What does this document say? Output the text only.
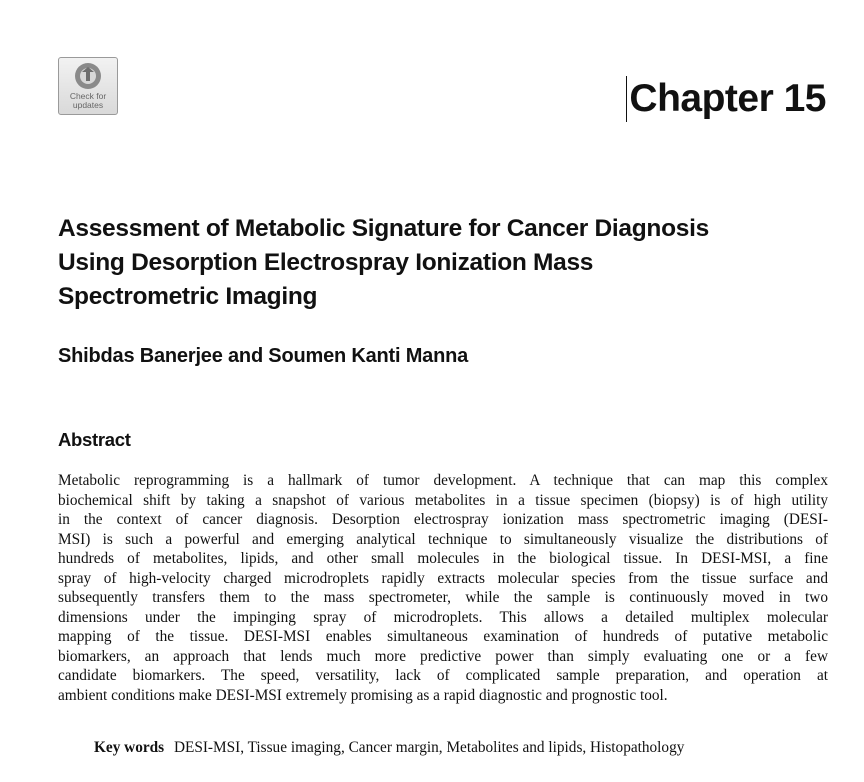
Check for
updates	Chapter 15
Assessment of Metabolic Signature for Cancer Diagnosis
Using Desorption Electrospray Ionization Mass
Spectrometric Imaging
Shibdas Banerjee and Soumen Kanti Manna
Abstract
Metabolic reprogramming is a hallmark of tumor development. A technique that can map this complex
biochemical shift by taking a snapshot of various metabolites in a tissue specimen (biopsy) is of high utility
in the context of cancer diagnosis. Desorption electrospray ionization mass spectrometric imaging (DESI-
MSI) is such a powerful and emerging analytical technique to simultaneously visualize the distributions of
hundreds of metabolites, lipids, and other small molecules in the biological tissue. In DESI-MSI, a fine
spray of high-velocity charged microdroplets rapidly extracts molecular species from the tissue surface and
subsequently transfers them to the mass spectrometer, while the sample is continuously moved in two
dimensions under the impinging spray of microdroplets. This allows a detailed multiplex molecular
mapping of the tissue. DESI-MSI enables simultaneous examination of hundreds of putative metabolic
biomarkers, an approach that lends much more predictive power than simply evaluating one or a few
candidate biomarkers. The speed, versatility, lack of complicated sample preparation, and operation at
ambient conditions make DESI-MSI extremely promising as a rapid diagnostic and prognostic tool.
Key words DESI-MSI, Tissue imaging, Cancer margin, Metabolites and lipids, Histopathology
